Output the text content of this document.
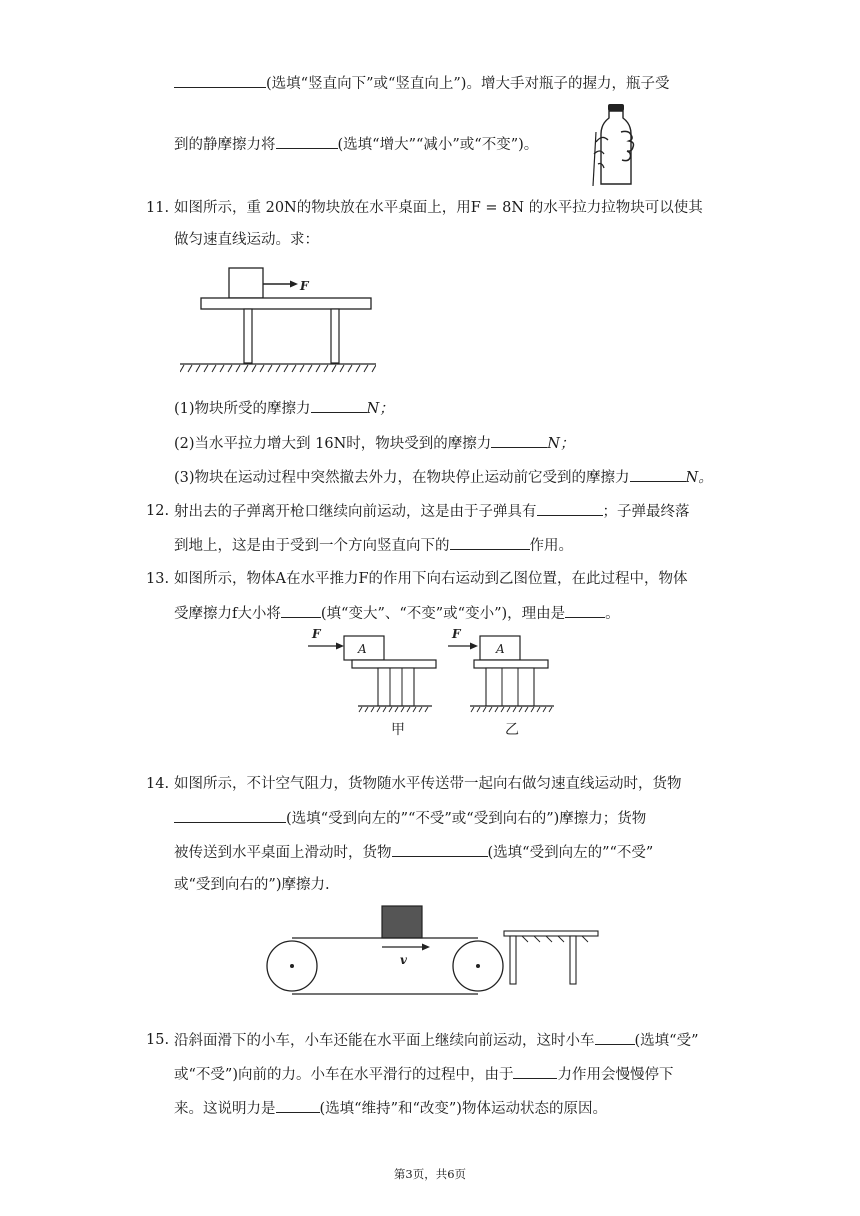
(选填“竖直向下”或“竖直向上”)。增大手对瓶子的握力，瓶子受
到的静摩擦力将	(选填“增大”“减小”或“不变”)。
11. 如图所示，重 20N的物块放在水平桌面上，用F = 8N 的水平拉力拉物块可以使其
做匀速直线运动。求：
F
(1)物块所受的摩擦力	N；
(2)当水平拉力增大到 16N时，物块受到的摩擦力	N；
(3)物块在运动过程中突然撤去外力，在物块停止运动前它受到的摩擦力	N。
12. 射出去的子弹离开枪口继续向前运动，这是由于子弹具有	；子弹最终落
到地上，这是由于受到一个方向竖直向下的	作用。
13. 如图所示，物体A在水平推力F的作用下向右运动到乙图位置，在此过程中，物体
受摩擦力f大小将	(填“变大”、“不变”或“变小”)，理由是	。
F
A
甲
F
A
乙
14. 如图所示，不计空气阻力，货物随水平传送带一起向右做匀速直线运动时，货物
(选填“受到向左的”“不受”或“受到向右的”)摩擦力；货物
被传送到水平桌面上滑动时，货物	(选填“受到向左的”“不受”
或“受到向右的”)摩擦力.
v
15. 沿斜面滑下的小车，小车还能在水平面上继续向前运动，这时小车	(选填“受”
或“不受”)向前的力。小车在水平滑行的过程中，由于	力作用会慢慢停下
来。这说明力是	(选填“维持”和“改变”)物体运动状态的原因。
第3页，共6页
